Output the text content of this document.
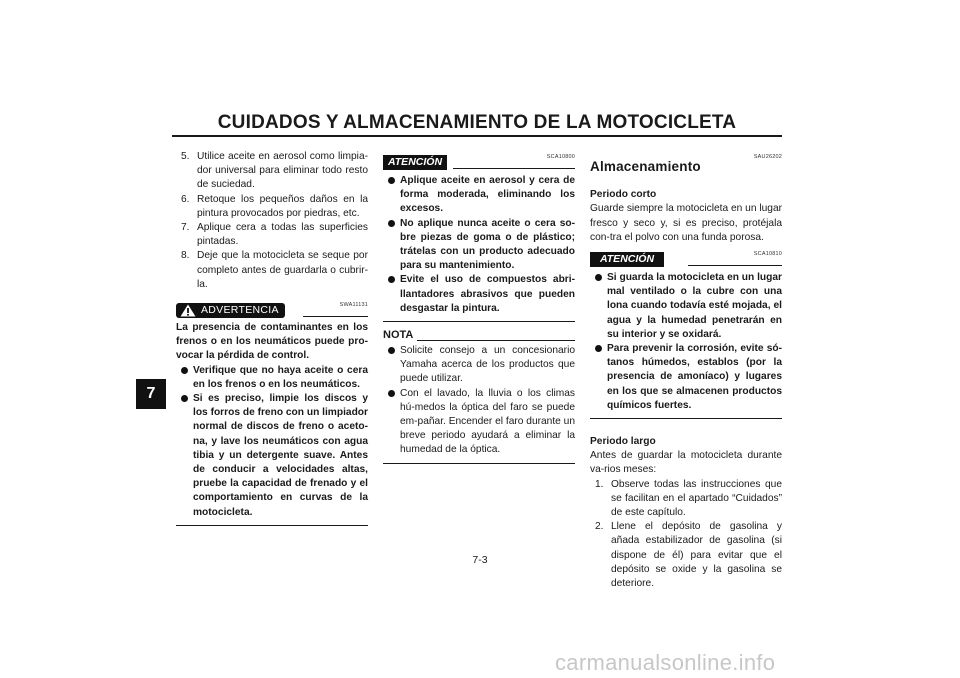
CUIDADOS Y ALMACENAMIENTO DE LA MOTOCICLETA
7
5. Utilice aceite en aerosol como limpia-dor universal para eliminar todo resto de suciedad.
6. Retoque los pequeños daños en la pintura provocados por piedras, etc.
7. Aplique cera a todas las superficies pintadas.
8. Deje que la motocicleta se seque por completo antes de guardarla o cubrir-la.
SWA11131
ADVERTENCIA

La presencia de contaminantes en los frenos o en los neumáticos puede pro-vocar la pérdida de control.

Verifique que no haya aceite o cera en los frenos o en los neumáticos.
Si es preciso, limpie los discos y los forros de freno con un limpiador normal de discos de freno o aceto-na, y lave los neumáticos con agua tibia y un detergente suave. Antes de conducir a velocidades altas, pruebe la capacidad de frenado y el comportamiento en curvas de la motocicleta.
SCA10800
ATENCIÓN
Aplique aceite en aerosol y cera de forma moderada, eliminando los excesos.
No aplique nunca aceite o cera so-bre piezas de goma o de plástico; trátelas con un producto adecuado para su mantenimiento.
Evite el uso de compuestos abri-llantadores abrasivos que pueden desgastar la pintura.
NOTA
Solicite consejo a un concesionario Yamaha acerca de los productos que puede utilizar.
Con el lavado, la lluvia o los climas hú-medos la óptica del faro se puede em-pañar. Encender el faro durante un breve periodo ayudará a eliminar la humedad de la óptica.
SAU26202
Almacenamiento
Periodo corto

Guarde siempre la motocicleta en un lugar fresco y seco y, si es preciso, protéjala con-tra el polvo con una funda porosa.

SCA10810
ATENCIÓN
Si guarda la motocicleta en un lugar mal ventilado o la cubre con una lona cuando todavía esté mojada, el agua y la humedad penetrarán en su interior y se oxidará.
Para prevenir la corrosión, evite só-tanos húmedos, establos (por la presencia de amoníaco) y lugares en los que se almacenen productos químicos fuertes.
Periodo largo

Antes de guardar la motocicleta durante va-rios meses:

1. Observe todas las instrucciones que se facilitan en el apartado “Cuidados” de este capítulo.
2. Llene el depósito de gasolina y añada estabilizador de gasolina (si dispone de él) para evitar que el depósito se oxide y la gasolina se deteriore.
7-3
carmanualsonline.info
